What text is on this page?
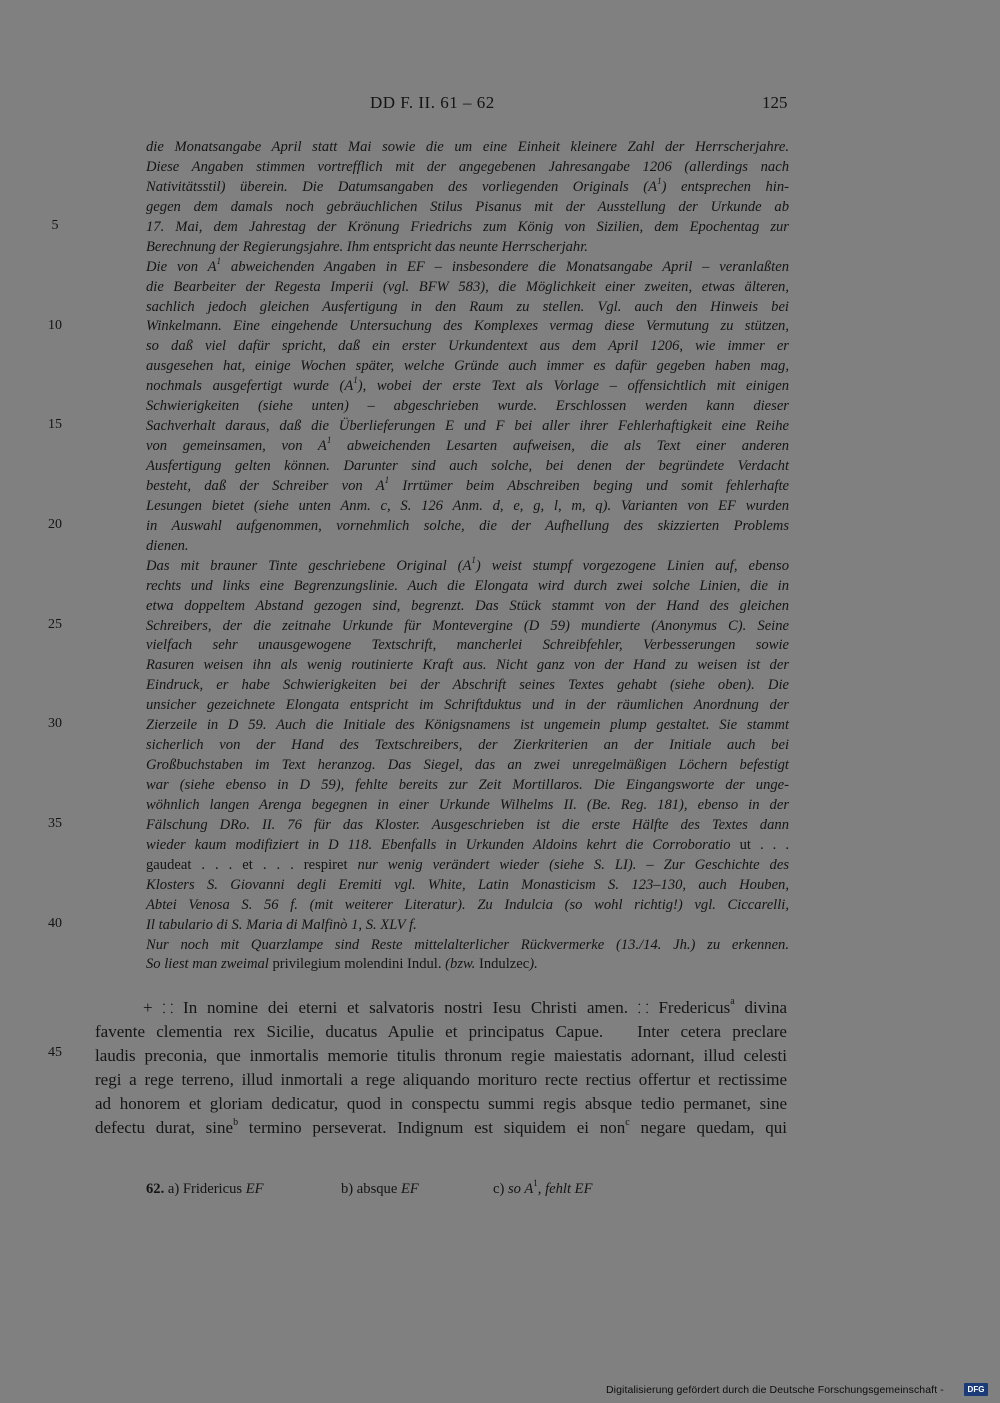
DD F. II. 61 – 62	125
5
10
15
20
25
30
35
40
45
die Monatsangabe April statt Mai sowie die um eine Einheit kleinere Zahl der Herrscherjahre.
Diese Angaben stimmen vortrefflich mit der angegebenen Jahresangabe 1206 (allerdings nach
Nativitätsstil) überein. Die Datumsangaben des vorliegenden Originals $(A^1)$ entsprechen hin-
gegen dem damals noch gebräuchlichen Stilus Pisanus mit der Ausstellung der Urkunde ab
17. Mai, dem Jahrestag der Krönung Friedrichs zum König von Sizilien, dem Epochentag zur
Berechnung der Regierungsjahre. Ihm entspricht das neunte Herrscherjahr.
Die von $A^1$ abweichenden Angaben in EF – insbesondere die Monatsangabe April – veranlaßten
die Bearbeiter der Regesta Imperii (vgl. BFW 583), die Möglichkeit einer zweiten, etwas älteren,
sachlich jedoch gleichen Ausfertigung in den Raum zu stellen. Vgl. auch den Hinweis bei
Winkelmann. Eine eingehende Untersuchung des Komplexes vermag diese Vermutung zu stützen,
so daß viel dafür spricht, daß ein erster Urkundentext aus dem April 1206, wie immer er
ausgesehen hat, einige Wochen später, welche Gründe auch immer es dafür gegeben haben mag,
nochmals ausgefertigt wurde $(A^1)$, wobei der erste Text als Vorlage – offensichtlich mit einigen
Schwierigkeiten (siehe unten) – abgeschrieben wurde. Erschlossen werden kann dieser
Sachverhalt daraus, daß die Überlieferungen E und F bei aller ihrer Fehlerhaftigkeit eine Reihe
von gemeinsamen, von $A^1$ abweichenden Lesarten aufweisen, die als Text einer anderen
Ausfertigung gelten können. Darunter sind auch solche, bei denen der begründete Verdacht
besteht, daß der Schreiber von $A^1$ Irrtümer beim Abschreiben beging und somit fehlerhafte
Lesungen bietet (siehe unten Anm. c, S. 126 Anm. d, e, g, l, m, q). Varianten von EF wurden
in Auswahl aufgenommen, vornehmlich solche, die der Aufhellung des skizzierten Problems
dienen.
Das mit brauner Tinte geschriebene Original $(A^1)$ weist stumpf vorgezogene Linien auf, ebenso
rechts und links eine Begrenzungslinie. Auch die Elongata wird durch zwei solche Linien, die in
etwa doppeltem Abstand gezogen sind, begrenzt. Das Stück stammt von der Hand des gleichen
Schreibers, der die zeitnahe Urkunde für Montevergine (D 59) mundierte (Anonymus C). Seine
vielfach sehr unausgewogene Textschrift, mancherlei Schreibfehler, Verbesserungen sowie
Rasuren weisen ihn als wenig routinierte Kraft aus. Nicht ganz von der Hand zu weisen ist der
Eindruck, er habe Schwierigkeiten bei der Abschrift seines Textes gehabt (siehe oben). Die
unsicher gezeichnete Elongata entspricht im Schriftduktus und in der räumlichen Anordnung der
Zierzeile in D 59. Auch die Initiale des Königsnamens ist ungemein plump gestaltet. Sie stammt
sicherlich von der Hand des Textschreibers, der Zierkriterien an der Initiale auch bei
Großbuchstaben im Text heranzog. Das Siegel, das an zwei unregelmäßigen Löchern befestigt
war (siehe ebenso in D 59), fehlte bereits zur Zeit Mortillaros. Die Eingangsworte der unge-
wöhnlich langen Arenga begegnen in einer Urkunde Wilhelms II. (Be. Reg. 181), ebenso in der
Fälschung DRo. II. 76 für das Kloster. Ausgeschrieben ist die erste Hälfte des Textes dann
wieder kaum modifiziert in D 118. Ebenfalls in Urkunden Aldoins kehrt die Corroboratio ut . . .
gaudeat . . . et . . . respiret nur wenig verändert wieder (siehe S. LI). – Zur Geschichte des
Klosters S. Giovanni degli Eremiti vgl. White, Latin Monasticism S. 123–130, auch Houben,
Abtei Venosa S. 56 f. (mit weiterer Literatur). Zu Indulcia (so wohl richtig!) vgl. Ciccarelli,
Il tabulario di S. Maria di Malfinò 1, S. XLV f.
Nur noch mit Quarzlampe sind Reste mittelalterlicher Rückvermerke (13./14. Jh.) zu erkennen.
So liest man zweimal privilegium molendini Indul. (bzw. Indulzec).
+ ⸬ In nomine dei eterni et salvatoris nostri Iesu Christi amen. ⸬ Fredericus$^a$ divina
favente clementia rex Sicilie, ducatus Apulie et principatus Capue. Inter cetera preclare
laudis preconia, que inmortalis memorie titulis thronum regie maiestatis adornant, illud celesti
regi a rege terreno, illud inmortali a rege aliquando morituro recte rectius offertur et rectissime
ad honorem et gloriam dedicatur, quod in conspectu summi regis absque tedio permanet, sine
defectu durat, sine$^b$ termino perseverat. Indignum est siquidem ei non$^c$ negare quedam, qui
62. a) Fridericus EF	b) absque EF	c) so $A^1$, fehlt EF
Digitalisierung gefördert durch die Deutsche Forschungsgemeinschaft -	DFG
